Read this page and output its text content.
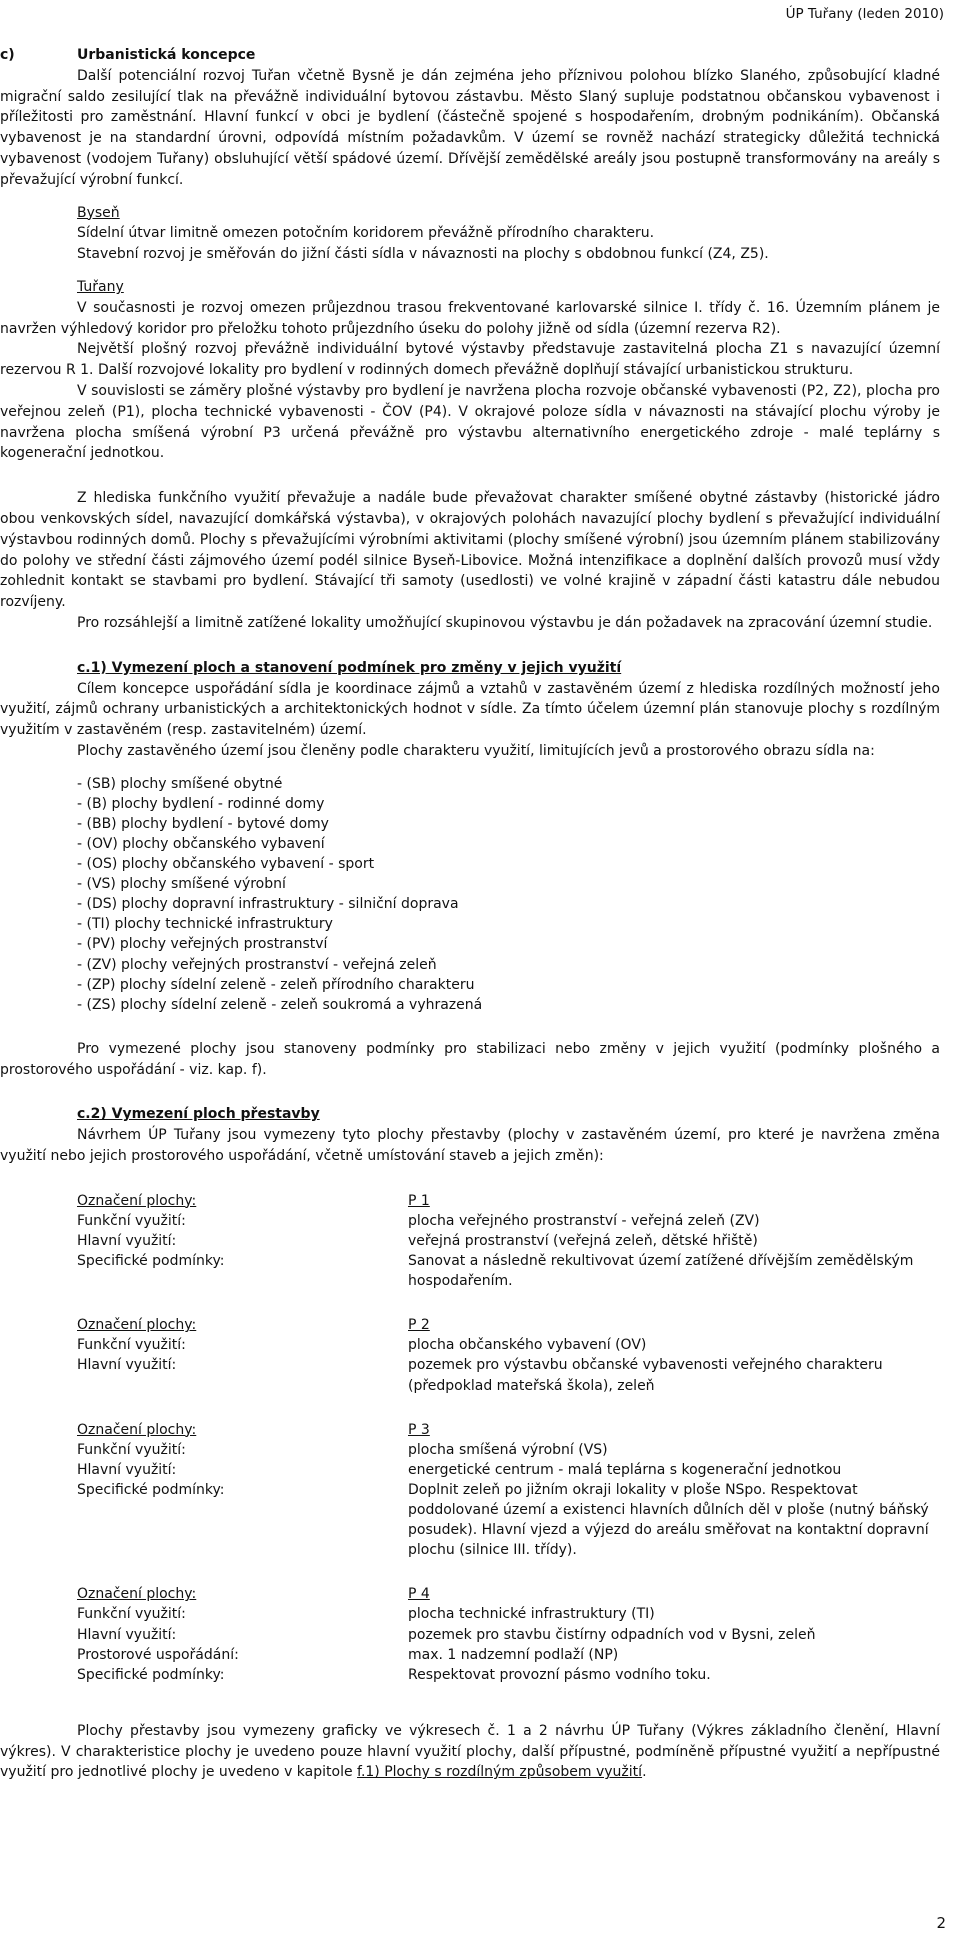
ÚP Tuřany (leden 2010)
c)	Urbanistická koncepce
Další potenciální rozvoj Tuřan včetně Bysně je dán zejména jeho příznivou polohou blízko Slaného, způsobující kladné migrační saldo zesilující tlak na převážně individuální bytovou zástavbu. Město Slaný supluje podstatnou občanskou vybavenost i příležitosti pro zaměstnání. Hlavní funkcí v obci je bydlení (částečně spojené s hospodařením, drobným podnikáním). Občanská vybavenost je na standardní úrovni, odpovídá místním požadavkům. V území se rovněž nachází strategicky důležitá technická vybavenost (vodojem Tuřany) obsluhující větší spádové území. Dřívější zemědělské areály jsou postupně transformovány na areály s převažující výrobní funkcí.
Byseň
Sídelní útvar limitně omezen potočním koridorem převážně přírodního charakteru.
Stavební rozvoj je směřován do jižní části sídla v návaznosti na plochy s obdobnou funkcí (Z4, Z5).
Tuřany
V současnosti je rozvoj omezen průjezdnou trasou frekventované karlovarské silnice I. třídy č. 16. Územním plánem je navržen výhledový koridor pro přeložku tohoto průjezdního úseku do polohy jižně od sídla (územní rezerva R2).
Největší plošný rozvoj převážně individuální bytové výstavby představuje zastavitelná plocha Z1 s navazující územní rezervou R 1. Další rozvojové lokality pro bydlení v rodinných domech převážně doplňují stávající urbanistickou strukturu.
V souvislosti se záměry plošné výstavby pro bydlení je navržena plocha rozvoje občanské vybavenosti (P2, Z2), plocha pro veřejnou zeleň (P1), plocha technické vybavenosti - ČOV (P4). V okrajové poloze sídla v návaznosti na stávající plochu výroby je navržena plocha smíšená výrobní P3 určená převážně pro výstavbu alternativního energetického zdroje - malé teplárny s kogenerační jednotkou.
Z hlediska funkčního využití převažuje a nadále bude převažovat charakter smíšené obytné zástavby (historické jádro obou venkovských sídel, navazující domkářská výstavba), v okrajových polohách navazující plochy bydlení s převažující individuální výstavbou rodinných domů. Plochy s převažujícími výrobními aktivitami (plochy smíšené výrobní) jsou územním plánem stabilizovány do polohy ve střední části zájmového území podél silnice Byseň-Libovice. Možná intenzifikace a doplnění dalších provozů musí vždy zohlednit kontakt se stavbami pro bydlení. Stávající tři samoty (usedlosti) ve volné krajině v západní části katastru dále nebudou rozvíjeny.
Pro rozsáhlejší a limitně zatížené lokality umožňující skupinovou výstavbu je dán požadavek na zpracování územní studie.
c.1) Vymezení ploch a stanovení podmínek pro změny v jejich využití
Cílem koncepce uspořádání sídla je koordinace zájmů a vztahů v zastavěném území z hlediska rozdílných možností jeho využití, zájmů ochrany urbanistických a architektonických hodnot v sídle. Za tímto účelem územní plán stanovuje plochy s rozdílným využitím v zastavěném (resp. zastavitelném) území.
Plochy zastavěného území jsou členěny podle charakteru využití, limitujících jevů a prostorového obrazu sídla na:
- (SB) plochy smíšené obytné
- (B) plochy bydlení - rodinné domy
- (BB) plochy bydlení - bytové domy
- (OV) plochy občanského vybavení
- (OS) plochy občanského vybavení - sport
- (VS) plochy smíšené výrobní
- (DS) plochy dopravní infrastruktury - silniční doprava
- (TI) plochy technické infrastruktury
- (PV) plochy veřejných prostranství
- (ZV) plochy veřejných prostranství - veřejná zeleň
- (ZP) plochy sídelní zeleně - zeleň přírodního charakteru
- (ZS) plochy sídelní zeleně - zeleň soukromá a vyhrazená
Pro vymezené plochy jsou stanoveny podmínky pro stabilizaci nebo změny v jejich využití (podmínky plošného a prostorového uspořádání - viz. kap. f).
c.2) Vymezení ploch přestavby
Návrhem ÚP Tuřany jsou vymezeny tyto plochy přestavby (plochy v zastavěném území, pro které je navržena změna využití nebo jejich prostorového uspořádání, včetně umístování staveb a jejich změn):
Označení plochy:	P 1
Funkční využití:	plocha veřejného prostranství - veřejná zeleň (ZV)
Hlavní využití:	veřejná prostranství (veřejná zeleň, dětské hřiště)
Specifické podmínky:	Sanovat a následně rekultivovat území zatížené dřívějším zemědělským hospodařením.
Označení plochy:	P 2
Funkční využití:	plocha občanského vybavení (OV)
Hlavní využití:	pozemek pro výstavbu občanské vybavenosti veřejného charakteru (předpoklad mateřská škola), zeleň
Označení plochy:	P 3
Funkční využití:	plocha smíšená výrobní (VS)
Hlavní využití:	energetické centrum - malá teplárna s kogenerační jednotkou
Specifické podmínky:	Doplnit zeleň po jižním okraji lokality v ploše NSpo. Respektovat poddolované území a existenci hlavních důlních děl v ploše (nutný báňský posudek). Hlavní vjezd a výjezd do areálu směřovat na kontaktní dopravní plochu (silnice III. třídy).
Označení plochy:	P 4
Funkční využití:	plocha technické infrastruktury (TI)
Hlavní využití:	pozemek pro stavbu čistírny odpadních vod v Bysni, zeleň
Prostorové uspořádání:	max. 1 nadzemní podlaží (NP)
Specifické podmínky:	Respektovat provozní pásmo vodního toku.
Plochy přestavby jsou vymezeny graficky ve výkresech č. 1 a 2 návrhu ÚP Tuřany (Výkres základního členění, Hlavní výkres). V charakteristice plochy je uvedeno pouze hlavní využití plochy, další přípustné, podmíněně přípustné využití a nepřípustné využití pro jednotlivé plochy je uvedeno v kapitole f.1) Plochy s rozdílným způsobem využití.
2
